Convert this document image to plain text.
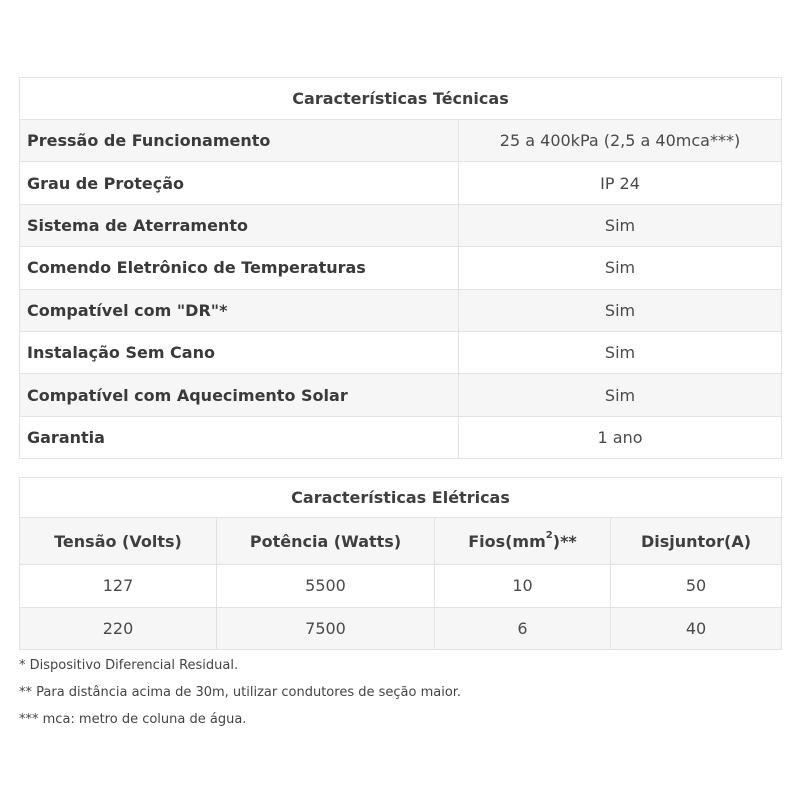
Características Técnicas	
Pressão de Funcionamento	25 a 400kPa (2,5 a 40mca***)
Grau de Proteção	IP 24
Sistema de Aterramento	Sim
Comendo Eletrônico de Temperaturas	Sim
Compatível com "DR"*	Sim
Instalação Sem Cano	Sim
Compatível com Aquecimento Solar	Sim
Garantia	1 ano
Características Elétricas			
Tensão (Volts)	Potência (Watts)	$Fios(mm^2)**$	Disjuntor(A)
127	5500	10	50
220	7500	6	40
* Dispositivo Diferencial Residual.
** Para distância acima de 30m, utilizar condutores de seção maior.
*** mca: metro de coluna de água.
